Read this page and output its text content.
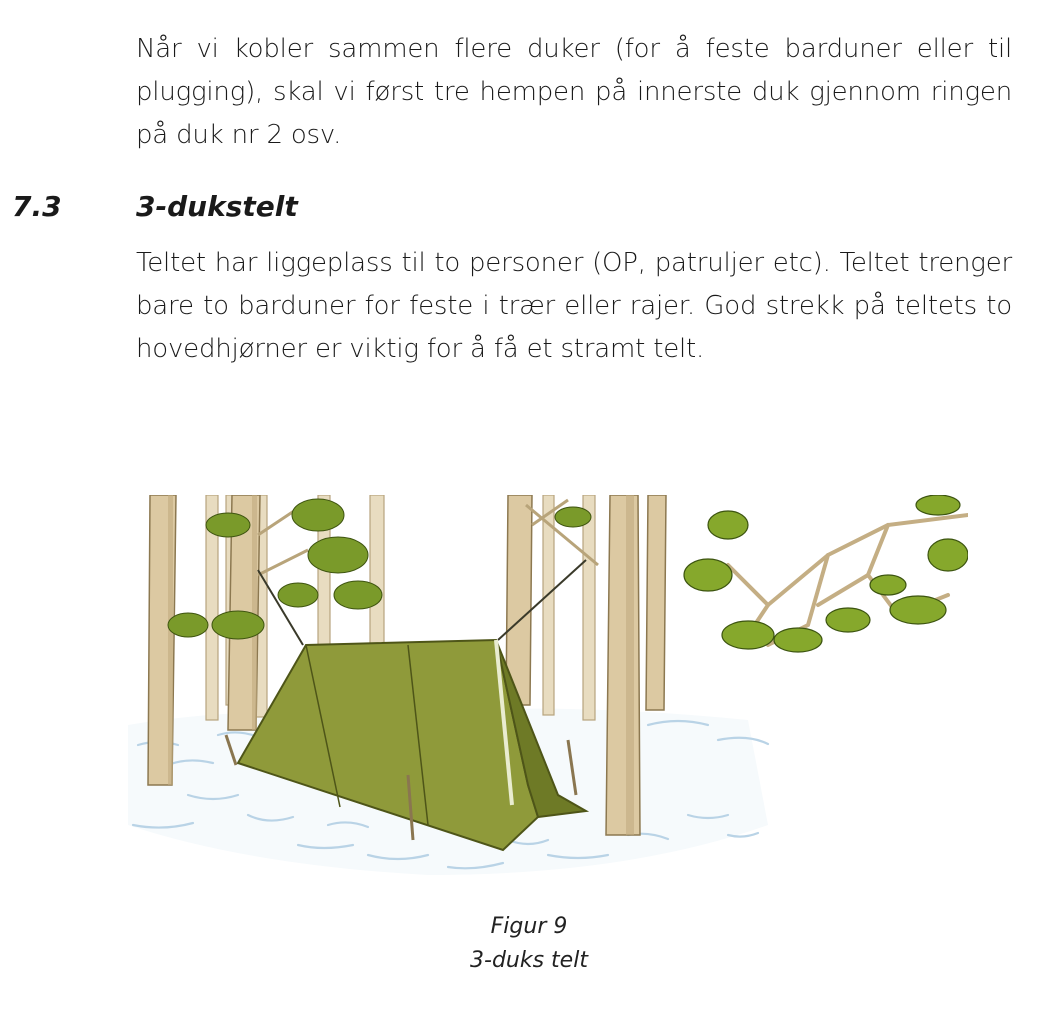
Når vi kobler sammen flere duker (for å feste barduner eller til plugging), skal vi først tre hempen på innerste duk gjennom ringen på duk nr 2 osv.

7.3	3-dukstelt

Teltet har liggeplass til to personer (OP, patruljer etc). Teltet trenger bare to barduner for feste i trær eller rajer. God strekk på teltets to hovedhjørner er viktig for å få et stramt telt.

Figur 9
3-duks telt
